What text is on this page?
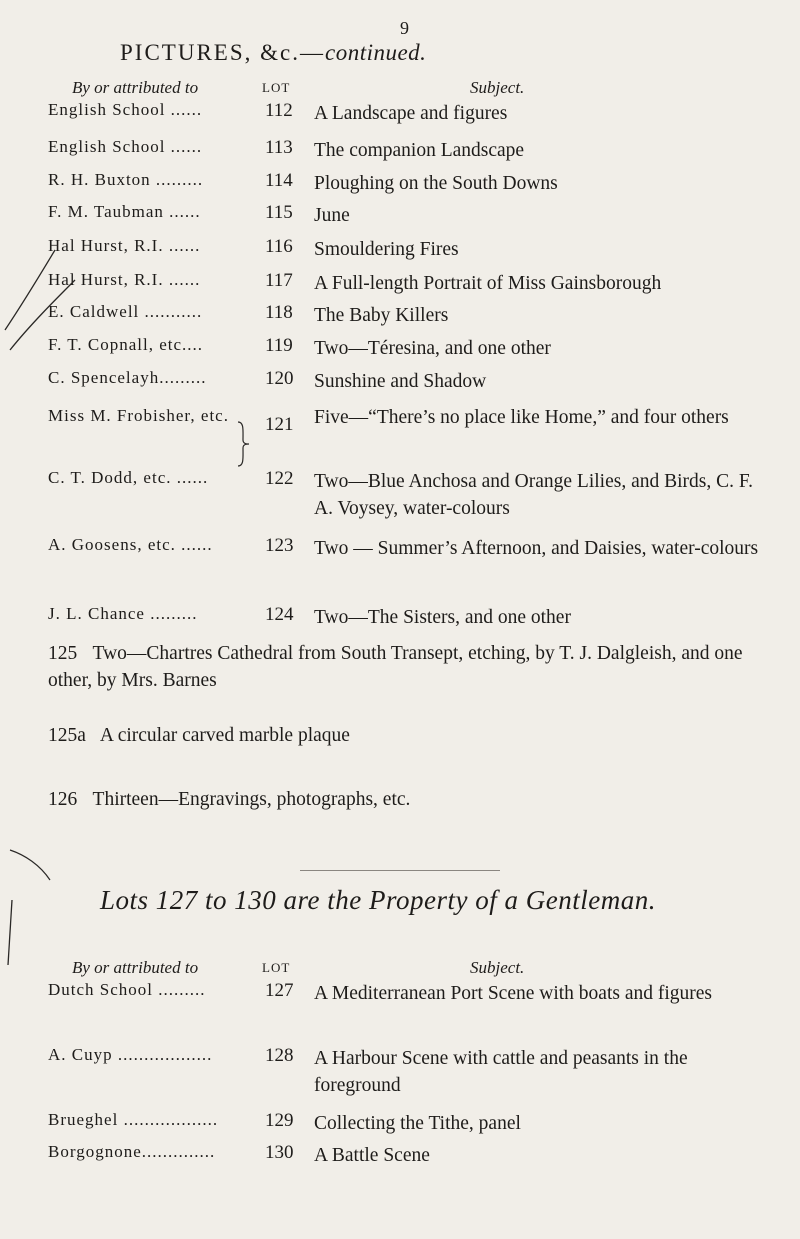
9
PICTURES, &c.—continued.
By or attributed to	LOT	Subject.
English School ......	112	A Landscape and figures
English School ......	113	The companion Landscape
R. H. Buxton .........	114	Ploughing on the South Downs
F. M. Taubman ......	115	June
Hal Hurst, R.I. ......	116	Smouldering Fires
Hal Hurst, R.I. ......	117	A Full-length Portrait of Miss Gainsborough
E. Caldwell ...........	118	The Baby Killers
F. T. Copnall, etc....	119	Two—Téresina, and one other
C. Spencelayh.........	120	Sunshine and Shadow
Miss M. Frobisher, etc.	121	Five—“There’s no place like Home,” and four others
C. T. Dodd, etc. ......	122	Two—Blue Anchosa and Orange Lilies, and Birds, C. F. A. Voysey, water-colours
A. Goosens, etc. ......	123	Two — Summer’s Afternoon, and Daisies, water-colours
J. L. Chance .........	124	Two—The Sisters, and one other
125 Two—Chartres Cathedral from South Transept, etching, by T. J. Dalgleish, and one other, by Mrs. Barnes
125a A circular carved marble plaque
126 Thirteen—Engravings, photographs, etc.
Lots 127 to 130 are the Property of a Gentleman.
By or attributed to	LOT	Subject.
Dutch School .........	127	A Mediterranean Port Scene with boats and figures
A. Cuyp ..................	128	A Harbour Scene with cattle and peasants in the foreground
Brueghel .................. 129	Collecting the Tithe, panel
Borgognone..............	130	A Battle Scene
